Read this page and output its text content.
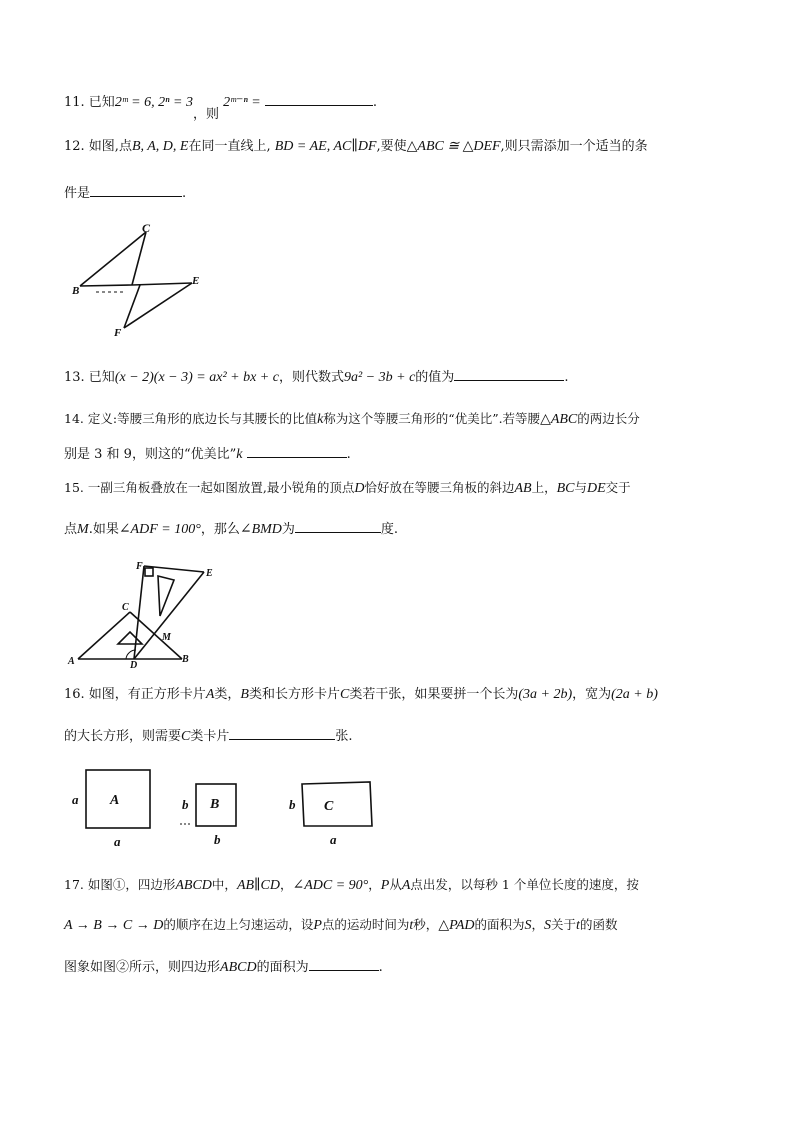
11. 已知2ᵐ = 6, 2ⁿ = 3，则 2ᵐ⁻ⁿ =	.
12. 如图,点B, A, D, E在同一直线上, BD = AE, AC∥DF,要使△ABC ≅ △DEF,则只需添加一个适当的条
件是	.
C
B
E
F
13. 已知(x − 2)(x − 3) = ax² + bx + c，则代数式9a² − 3b + c的值为	.
14. 定义:等腰三角形的底边长与其腰长的比值k称为这个等腰三角形的“优美比”.若等腰△ABC的两边长分
别是 3 和 9，则这的“优美比”k	.
15. 一副三角板叠放在一起如图放置,最小锐角的顶点D恰好放在等腰三角板的斜边AB上，BC与DE交于
点M.如果∠ADF = 100°，那么∠BMD为	度.
F
E
C
M
A	D
B
16. 如图，有正方形卡片A类，B类和长方形卡片C类若干张，如果要拼一个长为(3a + 2b)，宽为(2a + b)
的大长方形，则需要C类卡片	张.
a A
a
b B
b
b C
a
17. 如图①，四边形ABCD中，AB∥CD，∠ADC = 90°，P从A点出发，以每秒 1 个单位长度的速度，按
A → B → C → D的顺序在边上匀速运动，设P点的运动时间为t秒，△PAD的面积为S，S关于t的函数
图象如图②所示，则四边形ABCD的面积为	.
